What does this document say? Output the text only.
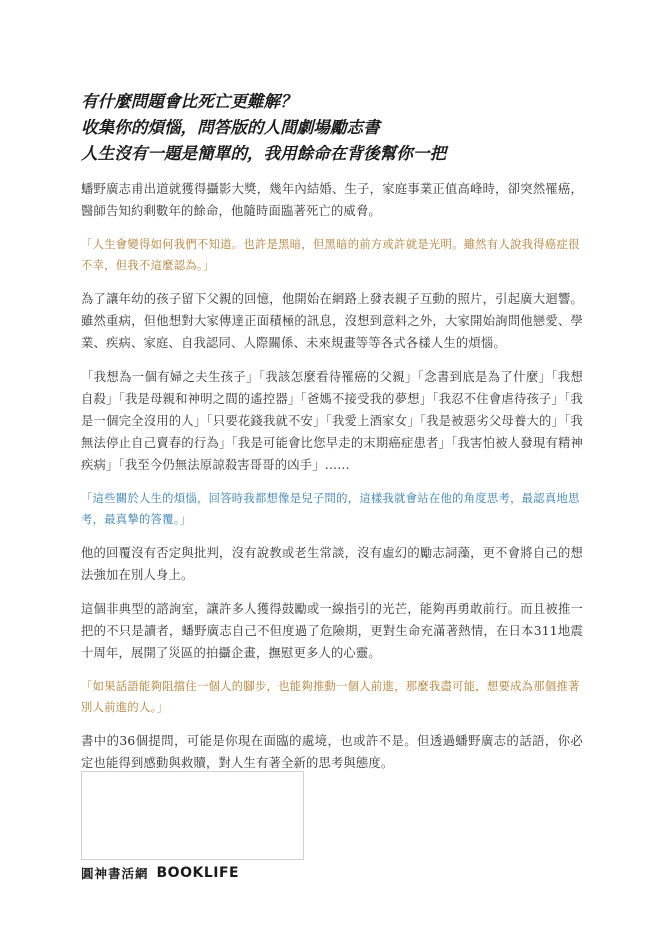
有什麼問題會比死亡更難解？

收集你的煩惱，問答版的人間劇場勵志書

人生沒有一題是簡單的，我用餘命在背後幫你一把

蟠野廣志甫出道就獲得攝影大獎，幾年內結婚、生子，家庭事業正值高峰時，卻突然罹癌，醫師告知約剩數年的餘命，他隨時面臨著死亡的威脅。

「人生會變得如何我們不知道。也許是黑暗，但黑暗的前方或許就是光明。雖然有人說我得癌症很不幸，但我不這麼認為。」

為了讓年幼的孩子留下父親的回憶，他開始在網路上發表親子互動的照片，引起廣大迴響。雖然重病，但他想對大家傳達正面積極的訊息，沒想到意料之外，大家開始詢問他戀愛、學業、疾病、家庭、自我認同、人際關係、未來規畫等等各式各樣人生的煩惱。

「我想為一個有婦之夫生孩子」「我該怎麼看待罹癌的父親」「念書到底是為了什麼」「我想自殺」「我是母親和神明之間的遙控器」「爸媽不接受我的夢想」「我忍不住會虐待孩子」「我是一個完全沒用的人」「只要花錢我就不安」「我愛上酒家女」「我是被惡劣父母養大的」「我無法停止自己賣春的行為」「我是可能會比您早走的末期癌症患者」「我害怕被人發現有精神疾病」「我至今仍無法原諒殺害哥哥的凶手」……

「這些關於人生的煩惱，回答時我都想像是兒子問的，這樣我就會站在他的角度思考，最認真地思考，最真摯的答覆。」

他的回覆沒有否定與批判，沒有說教或老生常談，沒有虛幻的勵志詞藻，更不會將自己的想法強加在別人身上。

這個非典型的諮詢室，讓許多人獲得鼓勵或一線指引的光芒，能夠再勇敢前行。而且被推一把的不只是讀者，蟠野廣志自己不但度過了危險期，更對生命充滿著熱情，在日本311地震十周年，展開了災區的拍攝企畫，撫慰更多人的心靈。

「如果話語能夠阻擋住一個人的腳步，也能夠推動一個人前進，那麼我盡可能，想要成為那個推著別人前進的人。」

書中的36個提問，可能是你現在面臨的處境，也或許不是。但透過蟠野廣志的話語，你必定也能得到感動與救贖，對人生有著全新的思考與態度。

圓神書活網 BOOKLIFE
